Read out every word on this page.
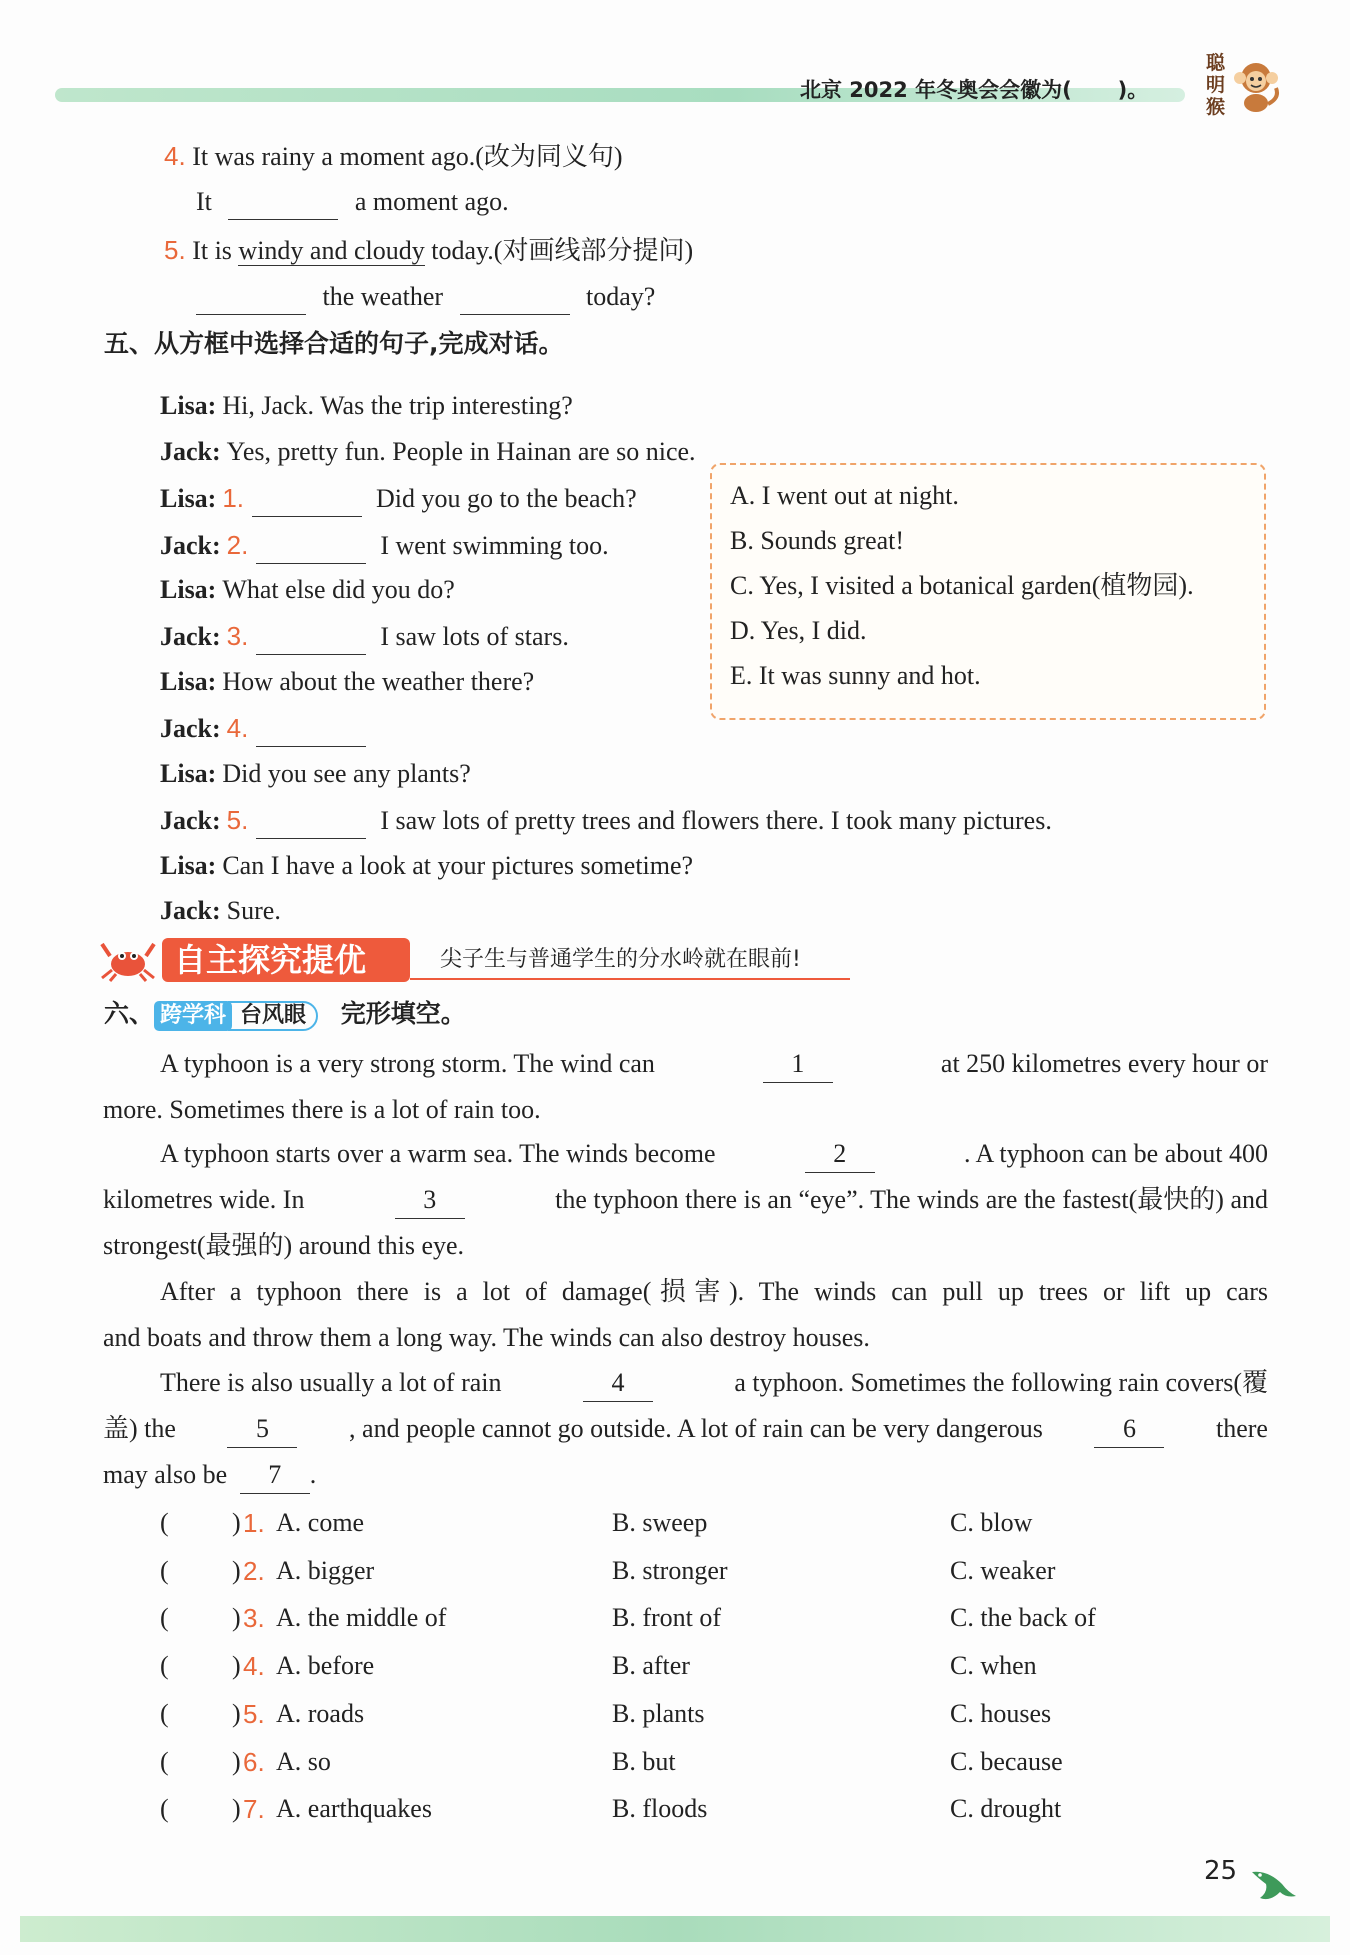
北京 2022 年冬奥会会徽为( )。
聪明猴
4. It was rainy a moment ago.(改为同义句)
It	a moment ago.
5. It is windy and cloudy today.(对画线部分提问)
the weather	today?
五、从方框中选择合适的句子,完成对话。
Lisa: Hi, Jack. Was the trip interesting?
Jack: Yes, pretty fun. People in Hainan are so nice.
Lisa: 1.	Did you go to the beach?
Jack: 2.	I went swimming too.
Lisa: What else did you do?
Jack: 3.	I saw lots of stars.
Lisa: How about the weather there?
Jack: 4.
Lisa: Did you see any plants?
Jack: 5.	I saw lots of pretty trees and flowers there. I took many pictures.
Lisa: Can I have a look at your pictures sometime?
Jack: Sure.
A. I went out at night.
B. Sounds great!
C. Yes, I visited a botanical garden(植物园).
D. Yes, I did.
E. It was sunny and hot.
自主探究提优	尖子生与普通学生的分水岭就在眼前!
六、 跨学科 台风眼 完形填空。
A typhoon is a very strong storm. The wind can	1	at 250 kilometres every hour or
more. Sometimes there is a lot of rain too.
A typhoon starts over a warm sea. The winds become	2	. A typhoon can be about 400
kilometres wide. In	3	the typhoon there is an “eye”. The winds are the fastest(最快的) and
strongest(最强的) around this eye.
After a typhoon there is a lot of damage(损害). The winds can pull up trees or lift up cars
and boats and throw them a long way. The winds can also destroy houses.
There is also usually a lot of rain	4	a typhoon. Sometimes the following rain covers(覆
盖) the	5	, and people cannot go outside. A lot of rain can be very dangerous	6	there
may also be 7 .
( ) 1. A. come	B. sweep	C. blow
( ) 2. A. bigger	B. stronger	C. weaker
( ) 3. A. the middle of	B. front of	C. the back of
( ) 4. A. before	B. after	C. when
( ) 5. A. roads	B. plants	C. houses
( ) 6. A. so	B. but	C. because
( ) 7. A. earthquakes	B. floods	C. drought
25
